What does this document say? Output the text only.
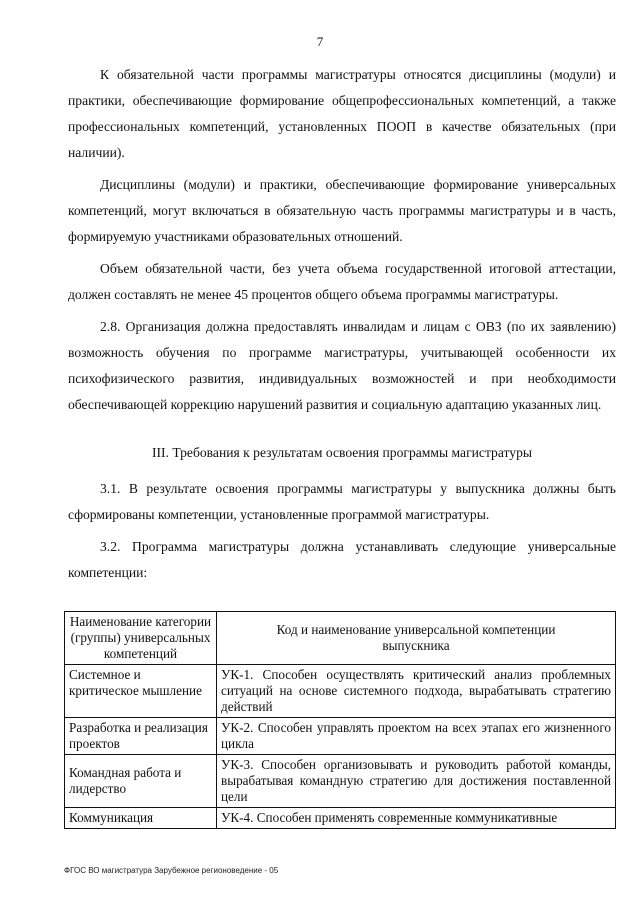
7

К обязательной части программы магистратуры относятся дисциплины (модули) и практики, обеспечивающие формирование общепрофессиональных компетенций, а также профессиональных компетенций, установленных ПООП в качестве обязательных (при наличии).

Дисциплины (модули) и практики, обеспечивающие формирование универсальных компетенций, могут включаться в обязательную часть программы магистратуры и в часть, формируемую участниками образовательных отношений.

Объем обязательной части, без учета объема государственной итоговой аттестации, должен составлять не менее 45 процентов общего объема программы магистратуры.

2.8. Организация должна предоставлять инвалидам и лицам с ОВЗ (по их заявлению) возможность обучения по программе магистратуры, учитывающей особенности их психофизического развития, индивидуальных возможностей и при необходимости обеспечивающей коррекцию нарушений развития и социальную адаптацию указанных лиц.

III. Требования к результатам освоения программы магистратуры

3.1. В результате освоения программы магистратуры у выпускника должны быть сформированы компетенции, установленные программой магистратуры.

3.2. Программа магистратуры должна устанавливать следующие универсальные компетенции:

Наименование категории (группы) универсальных компетенций	Код и наименование универсальной компетенции выпускника
Системное и критическое мышление	УК-1. Способен осуществлять критический анализ проблемных ситуаций на основе системного подхода, вырабатывать стратегию действий
Разработка и реализация проектов	УК-2. Способен управлять проектом на всех этапах его жизненного цикла
Командная работа и лидерство	УК-3. Способен организовывать и руководить работой команды, вырабатывая командную стратегию для достижения поставленной цели
Коммуникация	УК-4. Способен применять современные коммуникативные
ФГОС ВО магистратура Зарубежное регионоведение - 05
